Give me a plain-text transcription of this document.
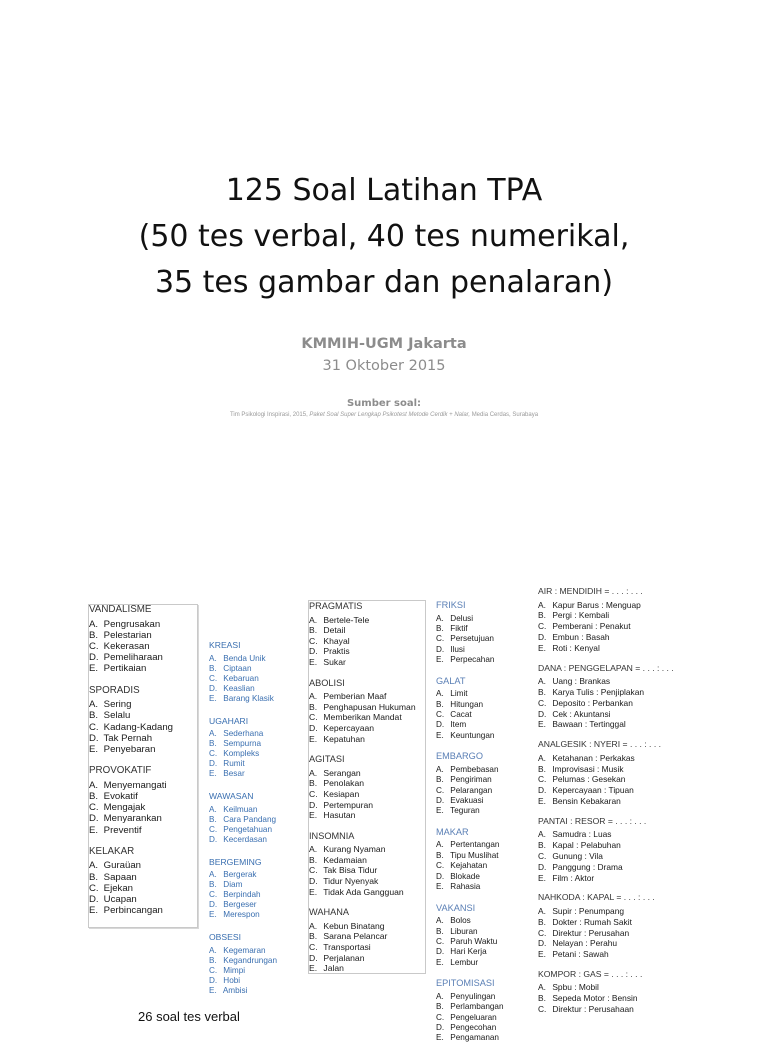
125 Soal Latihan TPA
(50 tes verbal, 40 tes numerikal,
35 tes gambar dan penalaran)
KMMIH-UGM Jakarta
31 Oktober 2015
Sumber soal:
Tim Psikologi Inspirasi, 2015, Paket Soal Super Lengkap Psikotest Metode Cerdik + Nalar, Media Cerdas, Surabaya
VANDALISME
A. Pengrusakan
B. Pelestarian
C. Kekerasan
D. Pemeliharaan
E. Pertikaian
SPORADIS
A. Sering
B. Selalu
C. Kadang-Kadang
D. Tak Pernah
E. Penyebaran
PROVOKATIF
A. Menyemangati
B. Evokatif
C. Mengajak
D. Menyarankan
E. Preventif
KELAKAR
A. Guraüan
B. Sapaan
C. Ejekan
D. Ucapan
E. Perbincangan
KREASI
A. Benda Unik
B. Ciptaan
C. Kebaruan
D. Keaslian
E. Barang Klasik
UGAHARI
A. Sederhana
B. Sempurna
C. Kompleks
D. Rumit
E. Besar
WAWASAN
A. Keilmuan
B. Cara Pandang
C. Pengetahuan
D. Kecerdasan
BERGEMING
A. Bergerak
B. Diam
C. Berpindah
D. Bergeser
E. Merespon
OBSESI
A. Kegemaran
B. Kegandrungan
C. Mimpi
D. Hobi
E. Ambisi
PRAGMATIS
A. Bertele-Tele
B. Detail
C. Khayal
D. Praktis
E. Sukar
ABOLISI
A. Pemberian Maaf
B. Penghapusan Hukuman
C. Memberikan Mandat
D. Kepercayaan
E. Kepatuhan
AGITASI
A. Serangan
B. Penolakan
C. Kesiapan
D. Pertempuran
E. Hasutan
INSOMNIA
A. Kurang Nyaman
B. Kedamaian
C. Tak Bisa Tidur
D. Tidur Nyenyak
E. Tidak Ada Gangguan
WAHANA
A. Kebun Binatang
B. Sarana Pelancar
C. Transportasi
D. Perjalanan
E. Jalan
FRIKSI
A. Delusi
B. Fiktif
C. Persetujuan
D. Ilusi
E. Perpecahan
GALAT
A. Limit
B. Hitungan
C. Cacat
D. Item
E. Keuntungan
EMBARGO
A. Pembebasan
B. Pengiriman
C. Pelarangan
D. Evakuasi
E. Teguran
MAKAR
A. Pertentangan
B. Tipu Muslihat
C. Kejahatan
D. Blokade
E. Rahasia
VAKANSI
A. Bolos
B. Liburan
C. Paruh Waktu
D. Hari Kerja
E. Lembur
EPITOMISASI
A. Penyulingan
B. Perlambangan
C. Pengeluaran
D. Pengecohan
E. Pengamanan
AIR : MENDIDIH = . . . : . . .
A. Kapur Barus : Menguap
B. Pergi : Kembali
C. Pemberani : Penakut
D. Embun : Basah
E. Roti : Kenyal
DANA : PENGGELAPAN = . . . : . . .
A. Uang : Brankas
B. Karya Tulis : Penjiplakan
C. Deposito : Perbankan
D. Cek : Akuntansi
E. Bawaan : Tertinggal
ANALGESIK : NYERI = . . . : . . .
A. Ketahanan : Perkakas
B. Improvisasi : Musik
C. Pelumas : Gesekan
D. Kepercayaan : Tipuan
E. Bensin Kebakaran
PANTAI : RESOR = . . . : . . .
A. Samudra : Luas
B. Kapal : Pelabuhan
C. Gunung : Vila
D. Panggung : Drama
E. Film : Aktor
NAHKODA : KAPAL = . . . : . . .
A. Supir : Penumpang
B. Dokter : Rumah Sakit
C. Direktur : Perusahan
D. Nelayan : Perahu
E. Petani : Sawah
KOMPOR : GAS = . . . : . . .
A. Spbu : Mobil
B. Sepeda Motor : Bensin
C. Direktur : Perusahaan
26 soal tes verbal
